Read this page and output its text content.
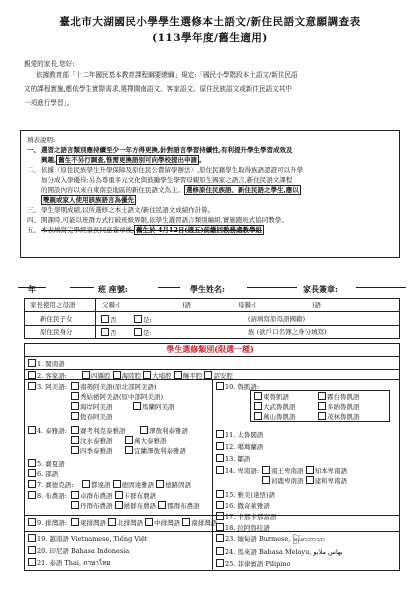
臺北市大湖國民小學學生選修本土語文/新住民語文意願調查表
(113學年度/舊生適用)
親愛的家長,您好:
依據教育部「十二年國民基本教育課程綱要總綱」規定:「國民小學階段本土語文/新住民語
文的課程實施,應依學生實際需求,選擇閩南語文、客家語文、原住民族語文或新住民語文其中
一項進行學習」。
填表說明:
一、 選習之語言類別應持續至少一年方得更換,針對語言學習持續性,有利提升學生學習成效及
興趣, 舊生不另行調查,惟需更換語別可向學校提出申請 。
二、 依據〈原住民族學生升學保障及原住民公費留學辦法〉,原住民籍學生取得族語認證可以升學
加分成入學優待;另為尊重多元文化與鼓勵學生學習母親原生國家之語言,新住民語文課程
的開設內容以來自東南亞地區的新住民語文為主。 選修原住民族語、新住民語之學生,應以
雙親或家人使用該族語言為優先
三、 學生學期成績,以所選修之本土語文/新住民語文成績作計算。
四、 開課時,可能以班群方式打破班級界限,依學生選習語言類別編組,實施跑班式協同教學。
五、 本表填寫完畢經家長同意簽章後, 舊生於 4月12日(週五)前繳回教務處教學組
年	班 座號:	學生姓名:	家長簽章:
家長使用之母語	父親:(	)語	母親:(	)語
新住民子女	否	是:	(請填寫原母語國籍)
原住民身分	否	是:	族 (欲戶口名簿之身分填寫)
學生選修類別(限選一種)
1. 閩南語
2. 客家語:	四縣腔 海陸腔 大埔腔 饒平腔 詔安腔
3. 阿美語:	南勢阿美語(原北部阿美語)
秀姑巒阿美語(原中部阿美語)
海岸阿美語	馬蘭阿美語
恆春阿美語
4. 泰雅語:	賽考利克泰雅語	澤敖利泰雅語
汶水泰雅語	萬大泰雅語
四季泰雅語	宜蘭澤敖利泰雅語
5. 賽夏語
6. 邵語
7. 賽德克語:	都達語 德固達雅語 德路固語
8. 布農語:	卓群布農語 卡群布農語
丹群布農語 巒群布農語 郡群布農語
10. 魯凱語:
東魯凱語	霧台魯凱語
大武魯凱語	多納魯凱語
萬山魯凱語	茂林魯凱語
11. 太魯閣語
12. 噶瑪蘭語
13. 鄒語
14. 卑南語:	南王卑南語 知本卑南語
初鹿卑南語 建和卑南語
15. 雅美(達悟)語
16. 撒奇萊雅語
9. 排灣語:	東排灣語 北排灣語 中排灣語 南排灣語
17. 卡那卡那富語
18. 拉阿魯哇語
19. 越南語 Vietnamese, Tiếng Việt
20. 印尼語 Bahasa Indonesia
21. 泰語 Thai, ภาษาไทย
23. 緬甸語 Burmese, မြန်မာဘာသာ
24. 馬來語 Bahasa Melayu, بهاس ملايو
25. 菲律賓語 Pilipino
